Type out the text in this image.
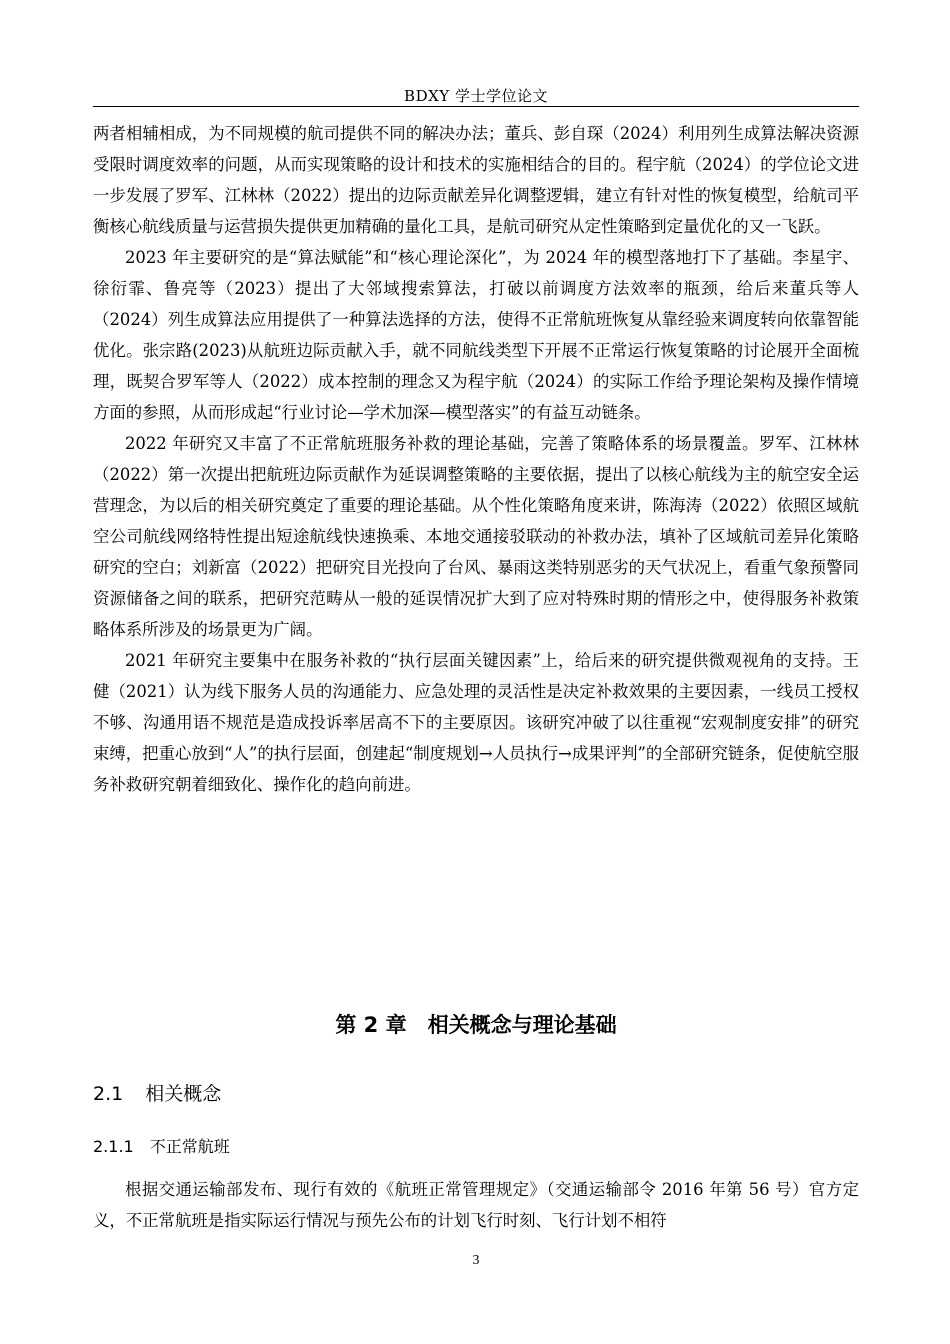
BDXY 学士学位论文

两者相辅相成，为不同规模的航司提供不同的解决办法；董兵、彭自琛（2024）利用列生成算法解决资源受限时调度效率的问题，从而实现策略的设计和技术的实施相结合的目的。程宇航（2024）的学位论文进一步发展了罗军、江林林（2022）提出的边际贡献差异化调整逻辑，建立有针对性的恢复模型，给航司平衡核心航线质量与运营损失提供更加精确的量化工具，是航司研究从定性策略到定量优化的又一飞跃。

2023 年主要研究的是“算法赋能”和“核心理论深化”，为 2024 年的模型落地打下了基础。李星宇、徐衍霏、鲁亮等（2023）提出了大邻域搜索算法，打破以前调度方法效率的瓶颈，给后来董兵等人（2024）列生成算法应用提供了一种算法选择的方法，使得不正常航班恢复从靠经验来调度转向依靠智能优化。张宗路(2023)从航班边际贡献入手，就不同航线类型下开展不正常运行恢复策略的讨论展开全面梳理，既契合罗军等人（2022）成本控制的理念又为程宇航（2024）的实际工作给予理论架构及操作情境方面的参照，从而形成起“行业讨论—学术加深—模型落实”的有益互动链条。

2022 年研究又丰富了不正常航班服务补救的理论基础，完善了策略体系的场景覆盖。罗军、江林林（2022）第一次提出把航班边际贡献作为延误调整策略的主要依据，提出了以核心航线为主的航空安全运营理念，为以后的相关研究奠定了重要的理论基础。从个性化策略角度来讲，陈海涛（2022）依照区域航空公司航线网络特性提出短途航线快速换乘、本地交通接驳联动的补救办法，填补了区域航司差异化策略研究的空白；刘新富（2022）把研究目光投向了台风、暴雨这类特别恶劣的天气状况上，看重气象预警同资源储备之间的联系，把研究范畴从一般的延误情况扩大到了应对特殊时期的情形之中，使得服务补救策略体系所涉及的场景更为广阔。

2021 年研究主要集中在服务补救的“执行层面关键因素”上，给后来的研究提供微观视角的支持。王健（2021）认为线下服务人员的沟通能力、应急处理的灵活性是决定补救效果的主要因素，一线员工授权不够、沟通用语不规范是造成投诉率居高不下的主要原因。该研究冲破了以往重视“宏观制度安排”的研究束缚，把重心放到“人”的执行层面，创建起“制度规划→人员执行→成果评判”的全部研究链条，促使航空服务补救研究朝着细致化、操作化的趋向前进。

第 2 章　相关概念与理论基础
2.1 相关概念
2.1.1 不正常航班

根据交通运输部发布、现行有效的《航班正常管理规定》（交通运输部令 2016 年第 56 号）官方定义，不正常航班是指实际运行情况与预先公布的计划飞行时刻、飞行计划不相符

3
